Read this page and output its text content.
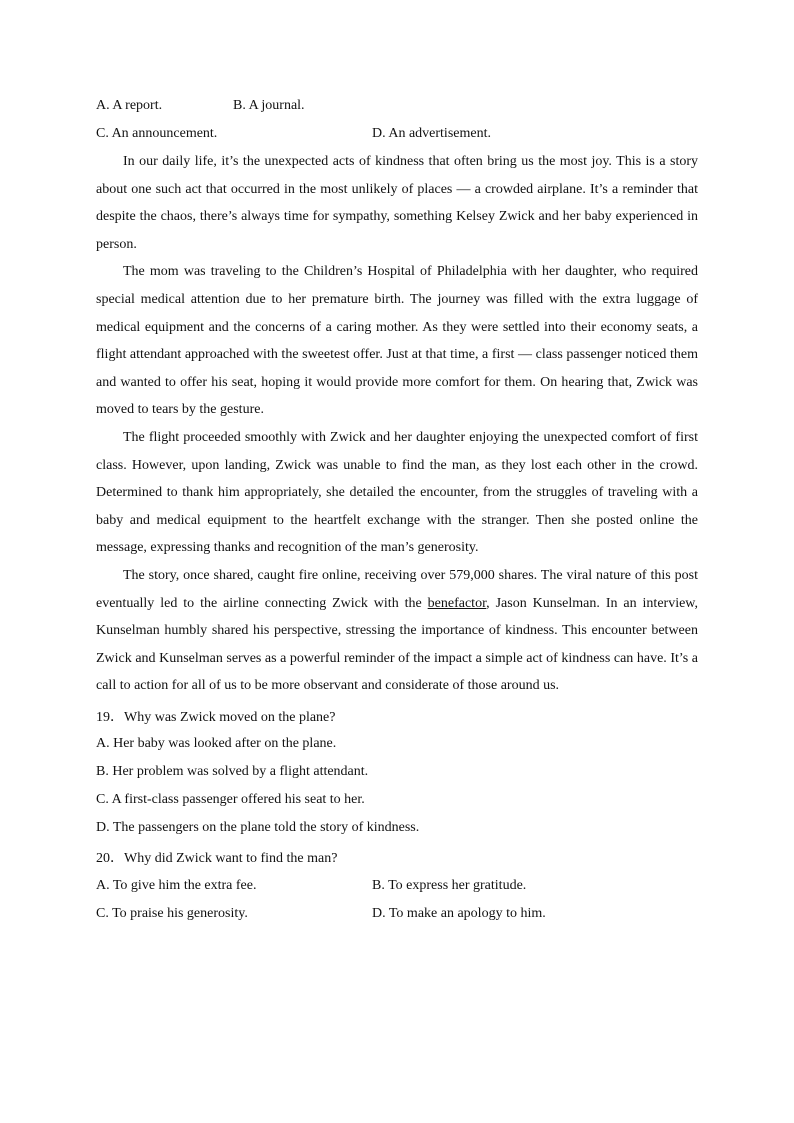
A. A report.	B. A journal.
C. An announcement.	D. An advertisement.

In our daily life, it’s the unexpected acts of kindness that often bring us the most joy. This is a story about one such act that occurred in the most unlikely of places — a crowded airplane. It’s a reminder that despite the chaos, there’s always time for sympathy, something Kelsey Zwick and her baby experienced in person.

The mom was traveling to the Children’s Hospital of Philadelphia with her daughter, who required special medical attention due to her premature birth. The journey was filled with the extra luggage of medical equipment and the concerns of a caring mother. As they were settled into their economy seats, a flight attendant approached with the sweetest offer. Just at that time, a first — class passenger noticed them and wanted to offer his seat, hoping it would provide more comfort for them. On hearing that, Zwick was moved to tears by the gesture.

The flight proceeded smoothly with Zwick and her daughter enjoying the unexpected comfort of first class. However, upon landing, Zwick was unable to find the man, as they lost each other in the crowd. Determined to thank him appropriately, she detailed the encounter, from the struggles of traveling with a baby and medical equipment to the heartfelt exchange with the stranger. Then she posted online the message, expressing thanks and recognition of the man’s generosity.

The story, once shared, caught fire online, receiving over 579,000 shares. The viral nature of this post eventually led to the airline connecting Zwick with the benefactor, Jason Kunselman. In an interview, Kunselman humbly shared his perspective, stressing the importance of kindness. This encounter between Zwick and Kunselman serves as a powerful reminder of the impact a simple act of kindness can have. It’s a call to action for all of us to be more observant and considerate of those around us.

19．Why was Zwick moved on the plane?
A. Her baby was looked after on the plane.
B. Her problem was solved by a flight attendant.
C. A first-class passenger offered his seat to her.
D. The passengers on the plane told the story of kindness.
20．Why did Zwick want to find the man?
A. To give him the extra fee.	B. To express her gratitude.
C. To praise his generosity.	D. To make an apology to him.
